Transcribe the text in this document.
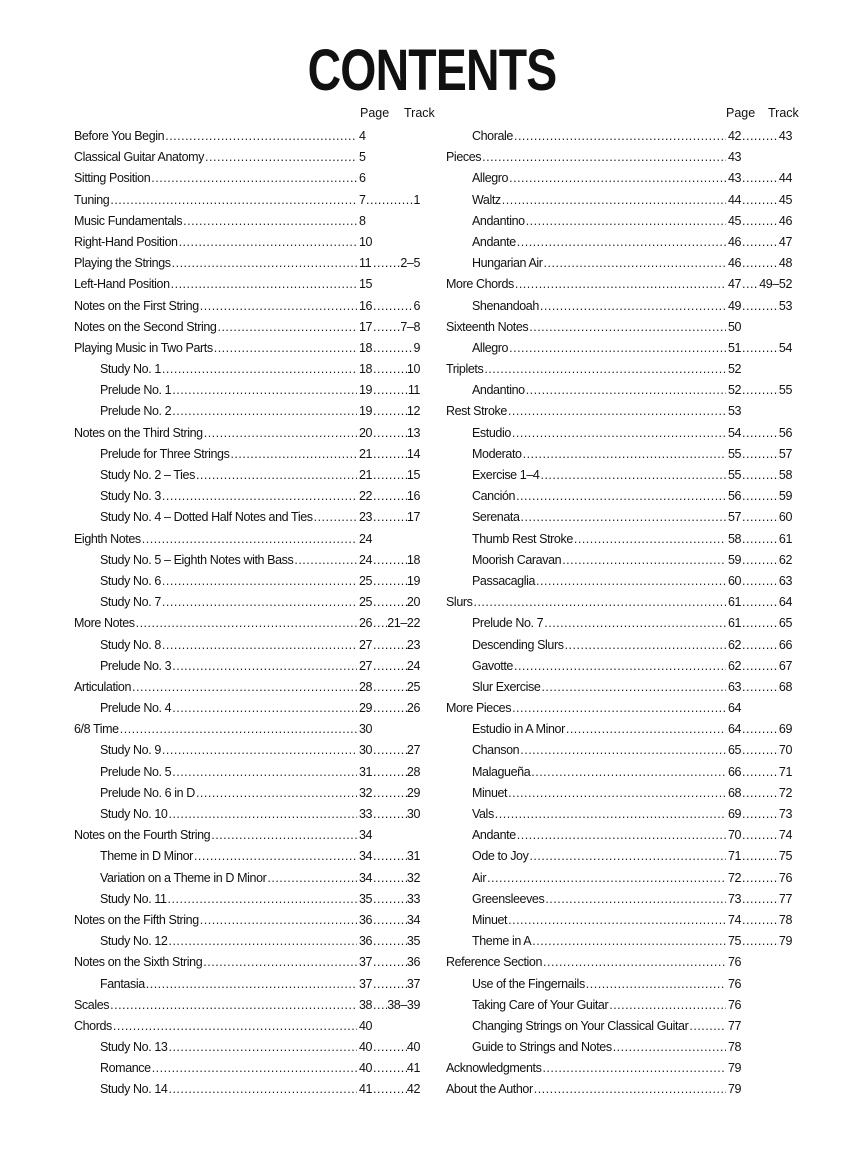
CONTENTS
Page Track
Before You Begin .....	4
Classical Guitar Anatomy .....	5
Sitting Position .....	6
Tuning .....	7 .....	1
Music Fundamentals .....	8
Right-Hand Position .....	10
Playing the Strings .....	11 ..... 2–5
Left-Hand Position .....	15
Notes on the First String .....	16 .....	6
Notes on the Second String .....	17 ..... 7–8
Playing Music in Two Parts .....	18 .....	9
Study No. 1 .....	18 .....	10
Prelude No. 1 .....	19 .....	11
Prelude No. 2 .....	19 .....	12
Notes on the Third String .....	20 .....	13
Prelude for Three Strings .....	21 .....	14
Study No. 2 – Ties .....	21 .....	15
Study No. 3 .....	22 .....	16
Study No. 4 – Dotted Half Notes and Ties .....	23 .....	17
Eighth Notes .....	24
Study No. 5 – Eighth Notes with Bass .....	24 .....	18
Study No. 6 .....	25 .....	19
Study No. 7 .....	25 .....	20
More Notes .....	26 ..... 21–22
Study No. 8 .....	27 .....	23
Prelude No. 3 .....	27 .....	24
Articulation .....	28 .....	25
Prelude No. 4 .....	29 .....	26
6/8 Time .....	30
Study No. 9 .....	30 .....	27
Prelude No. 5 .....	31 .....	28
Prelude No. 6 in D .....	32 .....	29
Study No. 10 .....	33 .....	30
Notes on the Fourth String .....	34
Theme in D Minor .....	34 .....	31
Variation on a Theme in D Minor .....	34 .....	32
Study No. 11 .....	35 .....	33
Notes on the Fifth String .....	36 .....	34
Study No. 12 .....	36 .....	35
Notes on the Sixth String .....	37 .....	36
Fantasia .....	37 .....	37
Scales .....	38 ..... 38–39
Chords .....	40
Study No. 13 .....	40 .....	40
Romance .....	40 .....	41
Study No. 14 .....	41 .....	42
Page Track
Chorale .....	42 .....	43
Pieces .....	43
Allegro .....	43 .....	44
Waltz .....	44 .....	45
Andantino .....	45 .....	46
Andante .....	46 .....	47
Hungarian Air .....	46 .....	48
More Chords .....	47 ..... 49–52
Shenandoah .....	49 .....	53
Sixteenth Notes .....	50
Allegro .....	51 .....	54
Triplets .....	52
Andantino .....	52 .....	55
Rest Stroke .....	53
Estudio .....	54 .....	56
Moderato .....	55 .....	57
Exercise 1–4 .....	55 .....	58
Canción .....	56 .....	59
Serenata .....	57 .....	60
Thumb Rest Stroke .....	58 .....	61
Moorish Caravan .....	59 .....	62
Passacaglia .....	60 .....	63
Slurs .....	61 .....	64
Prelude No. 7 .....	61 .....	65
Descending Slurs .....	62 .....	66
Gavotte .....	62 .....	67
Slur Exercise .....	63 .....	68
More Pieces .....	64
Estudio in A Minor .....	64 .....	69
Chanson .....	65 .....	70
Malagueña .....	66 .....	71
Minuet .....	68 .....	72
Vals .....	69 .....	73
Andante .....	70 .....	74
Ode to Joy .....	71 .....	75
Air .....	72 .....	76
Greensleeves .....	73 .....	77
Minuet .....	74 .....	78
Theme in A .....	75 .....	79
Reference Section .....	76
Use of the Fingernails .....	76
Taking Care of Your Guitar .....	76
Changing Strings on Your Classical Guitar .....	77
Guide to Strings and Notes .....	78
Acknowledgments .....	79
About the Author .....	79
